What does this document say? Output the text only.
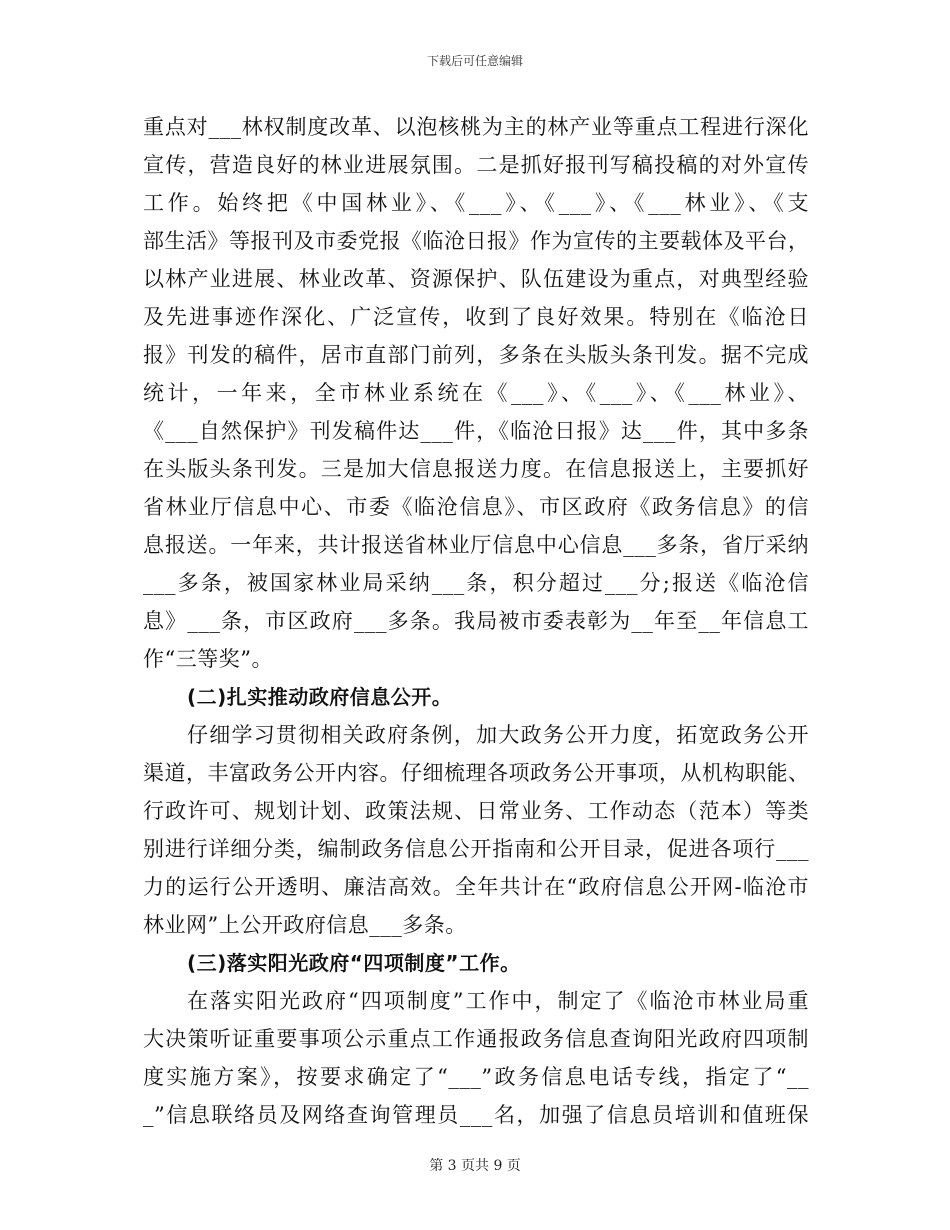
下载后可任意编辑
重点对___林权制度改革、以泡核桃为主的林产业等重点工程进行深化
宣传，营造良好的林业进展氛围。二是抓好报刊写稿投稿的对外宣传
工作。始终把《中国林业》、《___》、《___》、《___林业》、《支
部生活》等报刊及市委党报《临沧日报》作为宣传的主要载体及平台，
以林产业进展、林业改革、资源保护、队伍建设为重点，对典型经验
及先进事迹作深化、广泛宣传，收到了良好效果。特别在《临沧日
报》刊发的稿件，居市直部门前列，多条在头版头条刊发。据不完成
统计，一年来，全市林业系统在《___》、《___》、《___林业》、
《___自然保护》刊发稿件达___件，《临沧日报》达___件，其中多条
在头版头条刊发。三是加大信息报送力度。在信息报送上，主要抓好
省林业厅信息中心、市委《临沧信息》、市区政府《政务信息》的信
息报送。一年来，共计报送省林业厅信息中心信息___多条，省厅采纳
___多条，被国家林业局采纳___条，积分超过___分;报送《临沧信
息》___条，市区政府___多条。我局被市委表彰为__年至__年信息工
作“三等奖”。
(二)扎实推动政府信息公开。
仔细学习贯彻相关政府条例，加大政务公开力度，拓宽政务公开
渠道，丰富政务公开内容。仔细梳理各项政务公开事项，从机构职能、
行政许可、规划计划、政策法规、日常业务、工作动态（范本）等类
别进行详细分类，编制政务信息公开指南和公开目录，促进各项行___
力的运行公开透明、廉洁高效。全年共计在“政府信息公开网-临沧市
林业网”上公开政府信息___多条。
(三)落实阳光政府“四项制度”工作。
在落实阳光政府“四项制度”工作中，制定了《临沧市林业局重
大决策听证重要事项公示重点工作通报政务信息查询阳光政府四项制
度实施方案》，按要求确定了“___”政务信息电话专线，指定了“__
_”信息联络员及网络查询管理员___名，加强了信息员培训和值班保
第 3 页共 9 页
